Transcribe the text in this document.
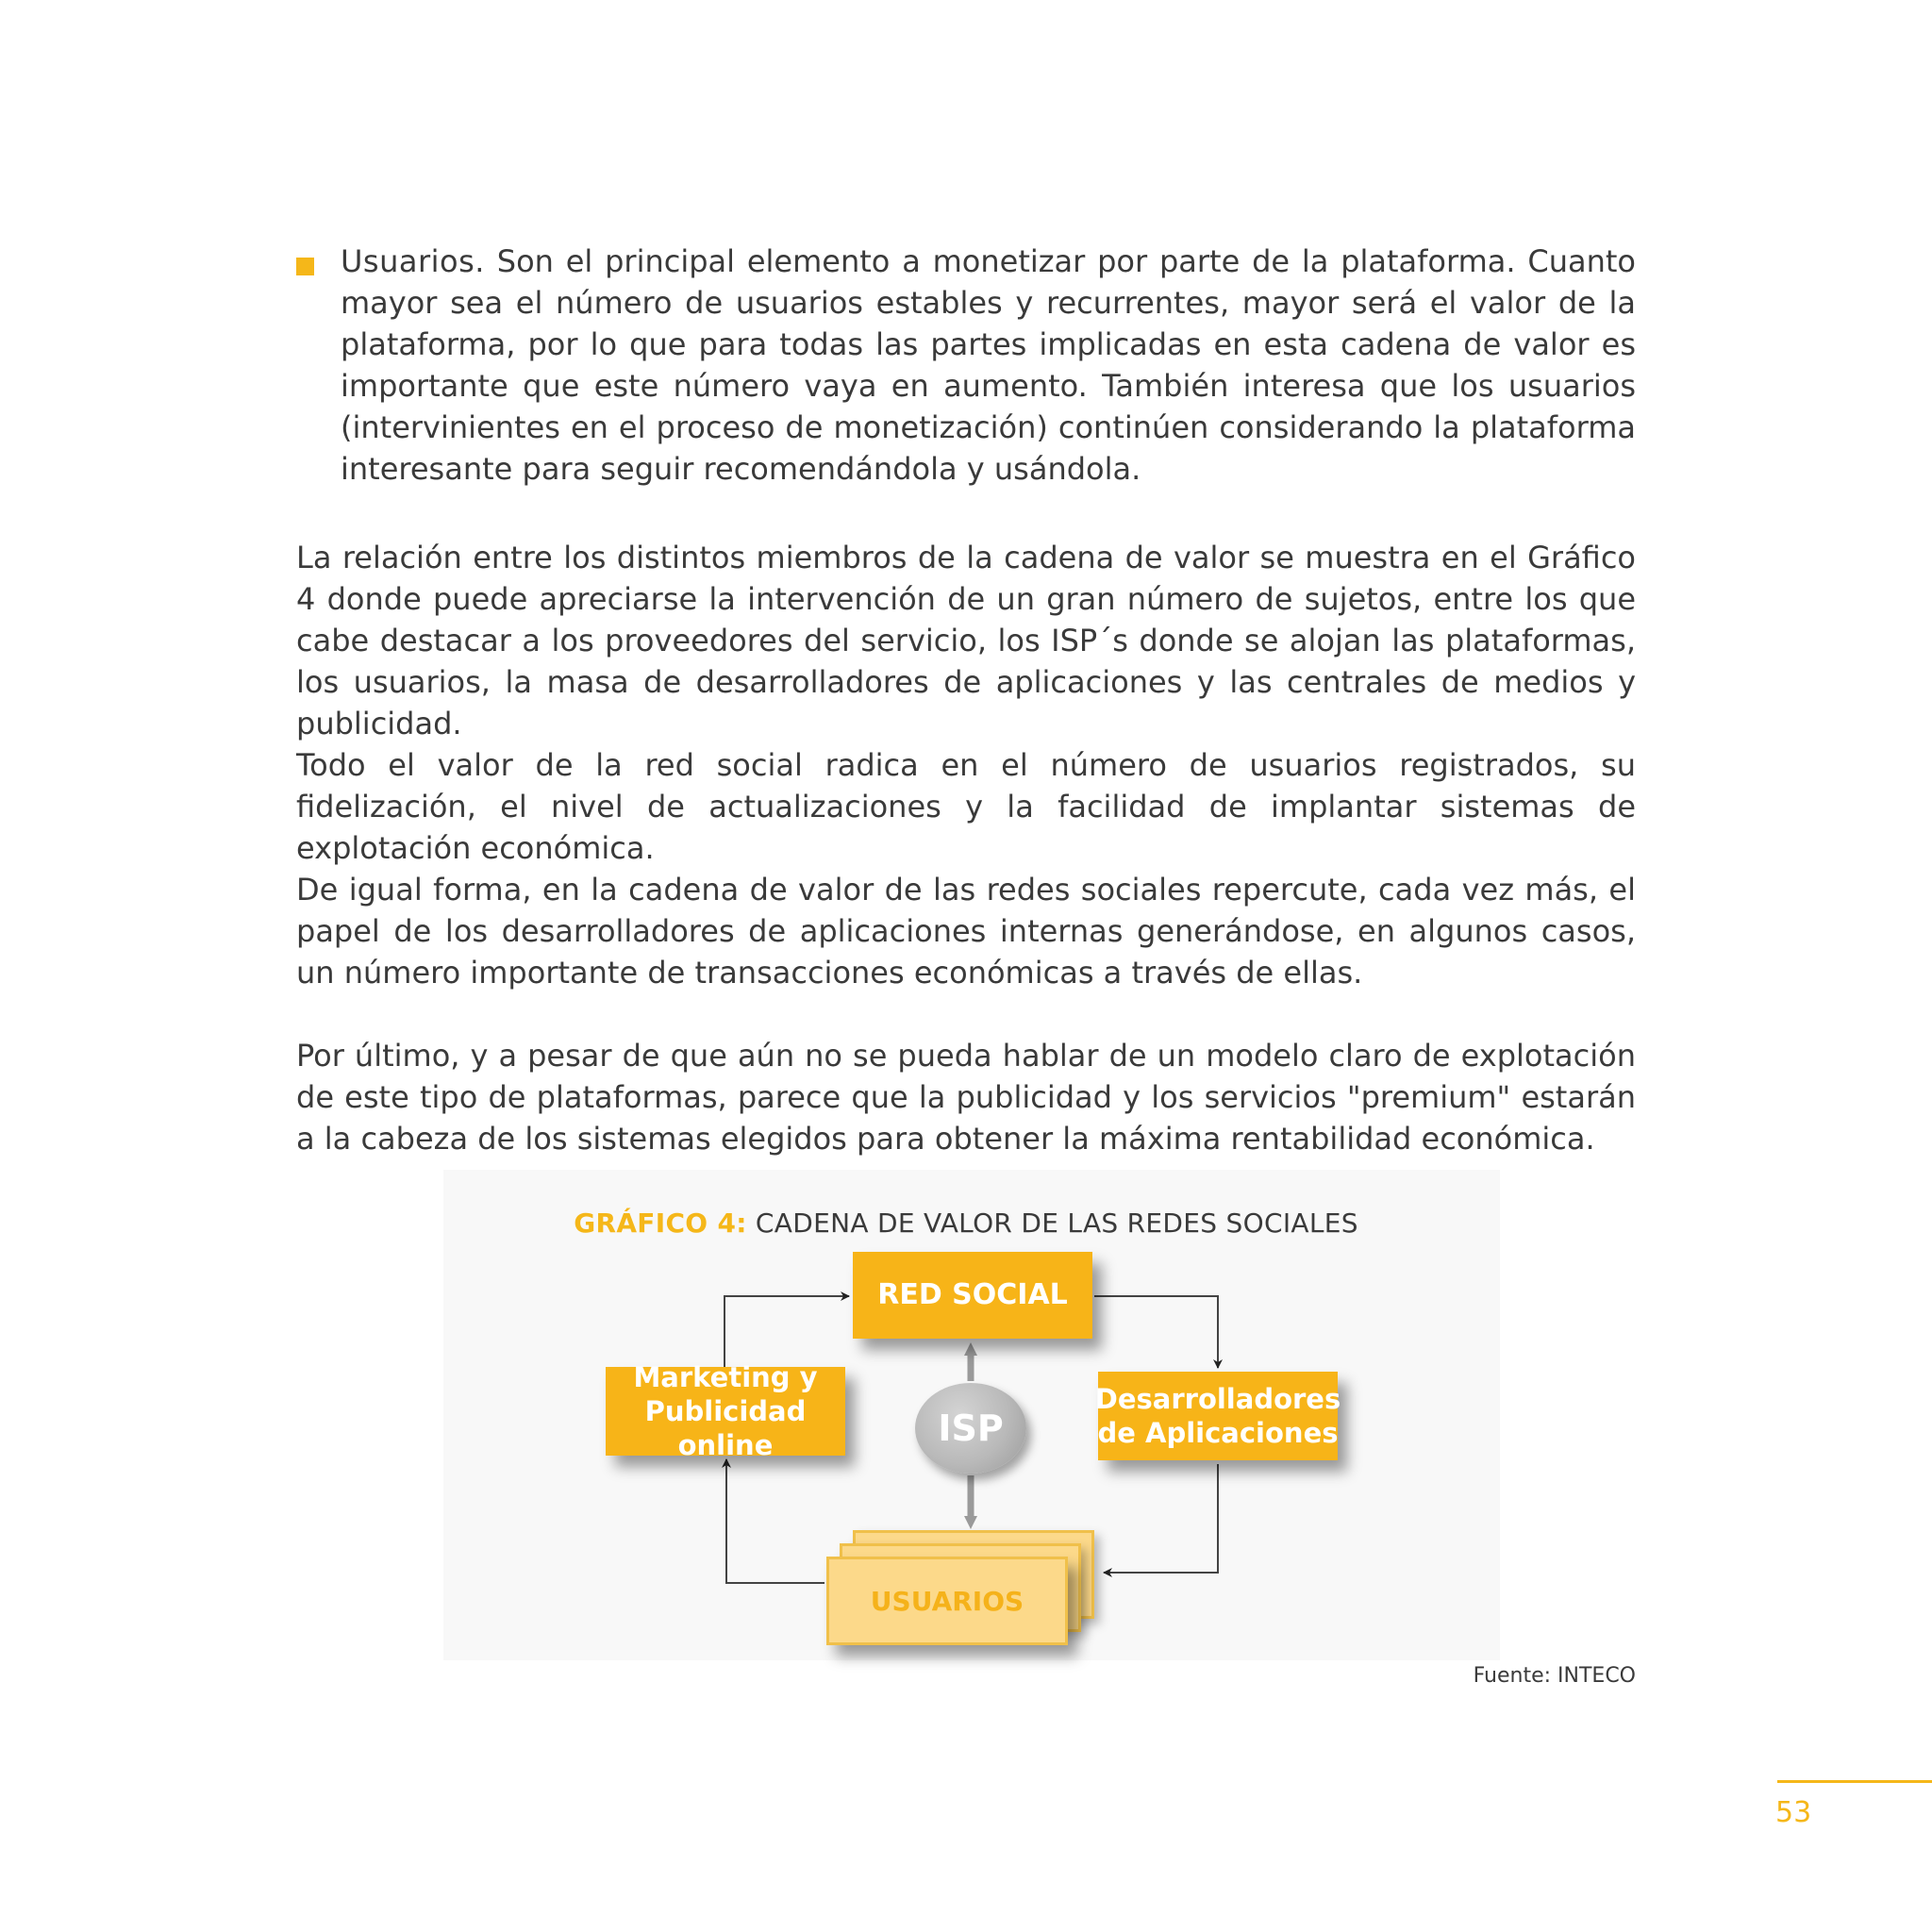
Usuarios. Son el principal elemento a monetizar por parte de la plataforma. Cuanto mayor sea el número de usuarios estables y recurrentes, mayor será el valor de la plataforma, por lo que para todas las partes implicadas en esta cadena de valor es importante que este número vaya en aumento. También interesa que los usuarios (intervinientes en el proceso de monetización) continúen considerando la plataforma interesante para seguir recomendándola y usándola.

La relación entre los distintos miembros de la cadena de valor se muestra en el Gráfico 4 donde puede apreciarse la intervención de un gran número de sujetos, entre los que cabe destacar a los proveedores del servicio, los ISP´s donde se alojan las plataformas, los usuarios, la masa de desarrolladores de aplicaciones y las centrales de medios y publicidad.

Todo el valor de la red social radica en el número de usuarios registrados, su fidelización, el nivel de actualizaciones y la facilidad de implantar sistemas de explotación económica.

De igual forma, en la cadena de valor de las redes sociales repercute, cada vez más, el papel de los desarrolladores de aplicaciones internas generándose, en algunos casos, un número importante de transacciones económicas a través de ellas.

Por último, y a pesar de que aún no se pueda hablar de un modelo claro de explotación de este tipo de plataformas, parece que la publicidad y los servicios "premium" estarán a la cabeza de los sistemas elegidos para obtener la máxima rentabilidad económica.

GRÁFICO 4: CADENA DE VALOR DE LAS REDES SOCIALES
RED SOCIAL
Marketing y
Publicidad online
Desarrolladores
de Aplicaciones
ISP
USUARIOS
Fuente: INTECO
53
